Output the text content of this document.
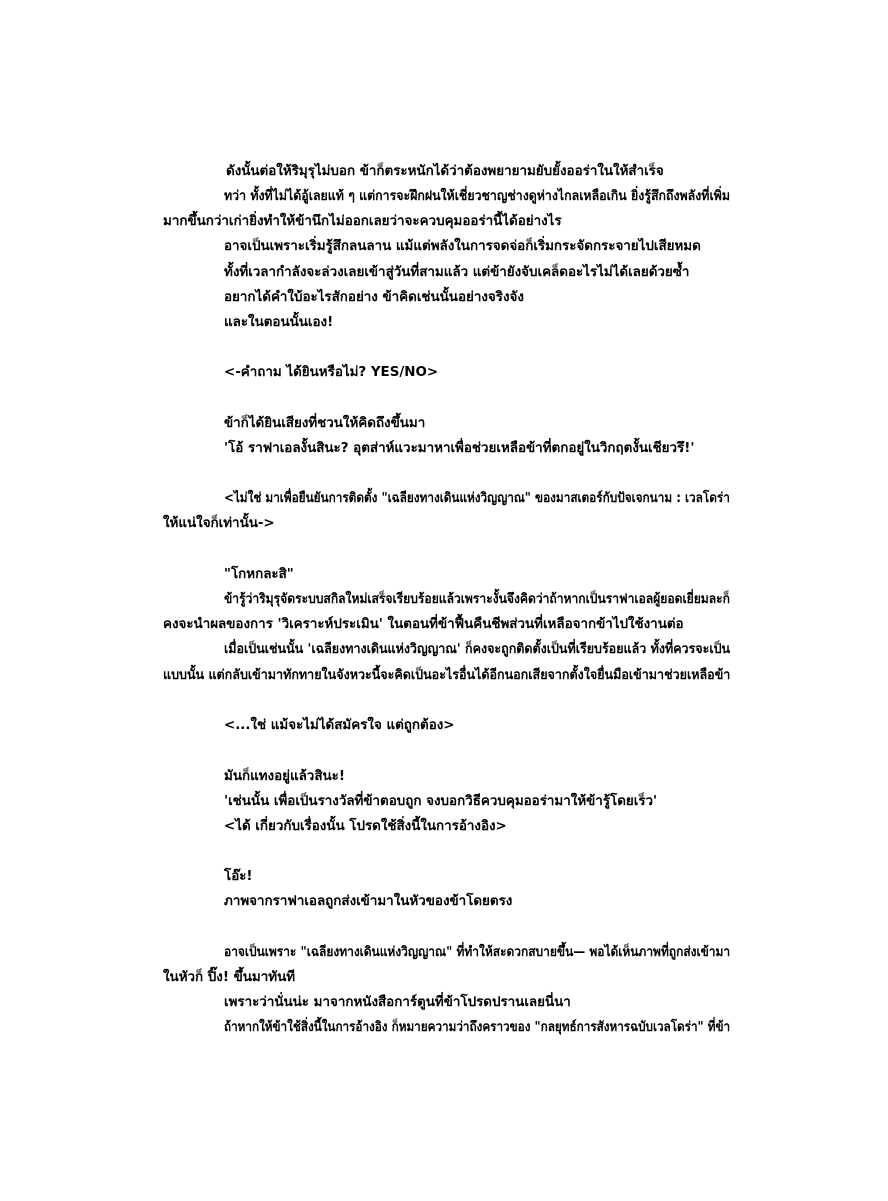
ดังนั้นต่อให้ริมุรุไม่บอก ข้าก็ตระหนักได้ว่าต้องพยายามยับยั้งออร่าในให้สำเร็จ
ทว่า ทั้งที่ไม่ได้อู้เลยแท้ ๆ แต่การจะฝึกฝนให้เชี่ยวชาญช่างดูห่างไกลเหลือเกิน ยิ่งรู้สึกถึงพลังที่เพิ่ม
มากขึ้นกว่าเก่ายิ่งทำให้ข้านึกไม่ออกเลยว่าจะควบคุมออร่านี้ได้อย่างไร
อาจเป็นเพราะเริ่มรู้สึกลนลาน แม้แต่พลังในการจดจ่อก็เริ่มกระจัดกระจายไปเสียหมด
ทั้งที่เวลากำลังจะล่วงเลยเข้าสู่วันที่สามแล้ว แต่ข้ายังจับเคล็ดอะไรไม่ได้เลยด้วยซ้ำ
อยากได้คำใบ้อะไรสักอย่าง ข้าคิดเช่นนั้นอย่างจริงจัง
และในตอนนั้นเอง!
<-คำถาม ได้ยินหรือไม่? YES/NO>
ข้าก็ได้ยินเสียงที่ชวนให้คิดถึงขึ้นมา
'โอ้ ราฟาเอลงั้นสินะ? อุตส่าห์แวะมาหาเพื่อช่วยเหลือข้าที่ตกอยู่ในวิกฤตงั้นเชียวรึ!'
<ไม่ใช่ มาเพื่อยืนยันการติดตั้ง "เฉลียงทางเดินแห่งวิญญาณ" ของมาสเตอร์กับปัจเจกนาม : เวลโดร่า
ให้แน่ใจก็เท่านั้น->
"โกหกละสิ"
ข้ารู้ว่าริมุรุจัดระบบสกิลใหม่เสร็จเรียบร้อยแล้วเพราะงั้นจึงคิดว่าถ้าหากเป็นราฟาเอลผู้ยอดเยี่ยมละก็
คงจะนำผลของการ 'วิเคราะห์ประเมิน' ในตอนที่ข้าฟื้นคืนชีพส่วนที่เหลือจากข้าไปใช้งานต่อ
เมื่อเป็นเช่นนั้น 'เฉลียงทางเดินแห่งวิญญาณ' ก็คงจะถูกติดตั้งเป็นที่เรียบร้อยแล้ว ทั้งที่ควรจะเป็น
แบบนั้น แต่กลับเข้ามาทักทายในจังหวะนี้จะคิดเป็นอะไรอื่นได้อีกนอกเสียจากตั้งใจยื่นมือเข้ามาช่วยเหลือข้า
<...ใช่ แม้จะไม่ได้สมัครใจ แต่ถูกต้อง>
มันก็แทงอยู่แล้วสินะ!
'เช่นนั้น เพื่อเป็นรางวัลที่ข้าตอบถูก จงบอกวิธีควบคุมออร่ามาให้ข้ารู้โดยเร็ว'
<ได้ เกี่ยวกับเรื่องนั้น โปรดใช้สิ่งนี้ในการอ้างอิง>
โอ๊ะ!
ภาพจากราฟาเอลถูกส่งเข้ามาในหัวของข้าโดยตรง
อาจเป็นเพราะ "เฉลียงทางเดินแห่งวิญญาณ" ที่ทำให้สะดวกสบายขึ้น— พอได้เห็นภาพที่ถูกส่งเข้ามา
ในหัวก็ ปิ๊ง! ขึ้นมาทันที
เพราะว่านั่นน่ะ มาจากหนังสือการ์ตูนที่ข้าโปรดปรานเลยนี่นา
ถ้าหากให้ข้าใช้สิ่งนี้ในการอ้างอิง ก็หมายความว่าถึงคราวของ "กลยุทธ์การสังหารฉบับเวลโดร่า" ที่ข้า
